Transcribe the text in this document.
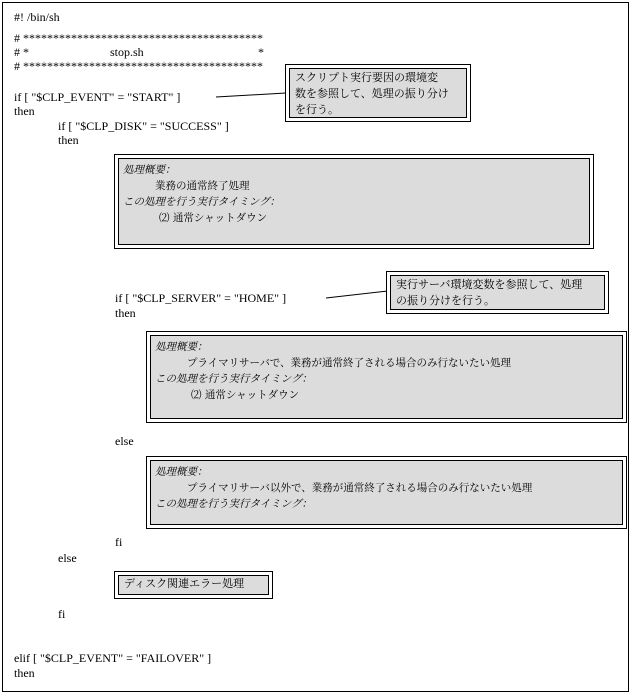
#! /bin/sh
# ****************************************
# *	stop.sh	*
# ****************************************
if [ "$CLP_EVENT" = "START" ]
then
if [ "$CLP_DISK" = "SUCCESS" ]
then
if [ "$CLP_SERVER" = "HOME" ]
then
else
fi
else
fi
elif [ "$CLP_EVENT" = "FAILOVER" ]
then
スクリプト実行要因の環境変
数を参照して、処理の振り分け
を行う。
処理概要：
業務の通常終了処理
この処理を行う実行タイミング：
⑵ 通常シャットダウン
実行サーバ環境変数を参照して、処理
の振り分けを行う。
処理概要：
プライマリサーバで、業務が通常終了される場合のみ行ないたい処理
この処理を行う実行タイミング：
⑵ 通常シャットダウン
処理概要：
プライマリサーバ以外で、業務が通常終了される場合のみ行ないたい処理
この処理を行う実行タイミング：
ディスク関連エラー処理
